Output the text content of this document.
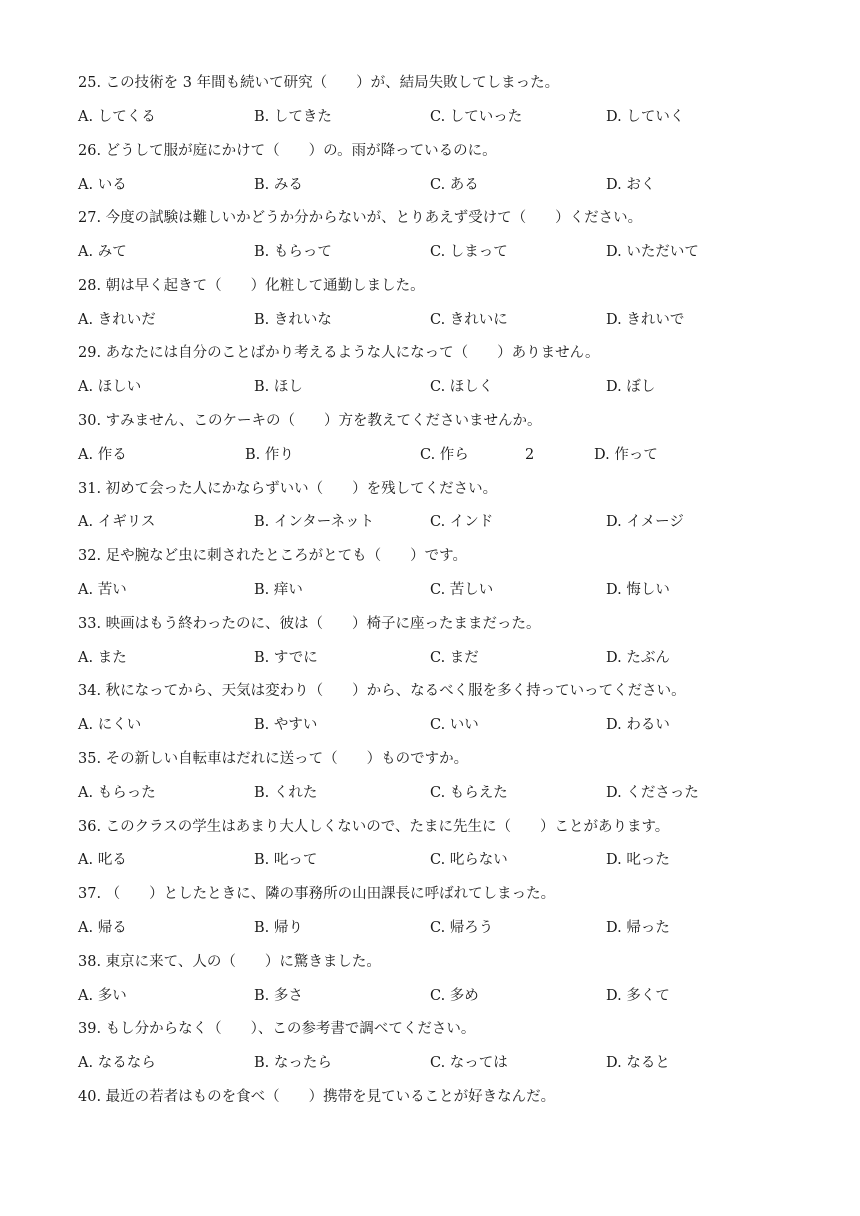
25. この技術を 3 年間も続いて研究（　　）が、結局失敗してしまった。
A. してくる	B. してきた	C. していった	D. していく
26. どうして服が庭にかけて（　　）の。雨が降っているのに。
A. いる	B. みる	C. ある	D. おく
27. 今度の試験は難しいかどうか分からないが、とりあえず受けて（　　）ください。
A. みて	B. もらって	C. しまって	D. いただいて
28. 朝は早く起きて（　　）化粧して通勤しました。
A. きれいだ	B. きれいな	C. きれいに	D. きれいで
29. あなたには自分のことばかり考えるような人になって（　　）ありません。
A. ほしい	B. ほし	C. ほしく	D. ぼし
30. すみません、このケーキの（　　）方を教えてくださいませんか。
A. 作る	B. 作り	C. 作ら	2	D. 作って
31. 初めて会った人にかならずいい（　　）を残してください。
A. イギリス	B. インターネット	C. インド	D. イメージ
32. 足や腕など虫に刺されたところがとても（　　）です。
A. 苦い	B. 痒い	C. 苦しい	D. 悔しい
33. 映画はもう終わったのに、彼は（　　）椅子に座ったままだった。
A. また	B. すでに	C. まだ	D. たぶん
34. 秋になってから、天気は変わり（　　）から、なるべく服を多く持っていってください。
A. にくい	B. やすい	C. いい	D. わるい
35. その新しい自転車はだれに送って（　　）ものですか。
A. もらった	B. くれた	C. もらえた	D. くださった
36. このクラスの学生はあまり大人しくないので、たまに先生に（　　）ことがあります。
A. 叱る	B. 叱って	C. 叱らない	D. 叱った
37. （　　）としたときに、隣の事務所の山田課長に呼ばれてしまった。
A. 帰る	B. 帰り	C. 帰ろう	D. 帰った
38. 東京に来て、人の（　　）に驚きました。
A. 多い	B. 多さ	C. 多め	D. 多くて
39. もし分からなく（　　）、この参考書で調べてください。
A. なるなら	B. なったら	C. なっては	D. なると
40. 最近の若者はものを食べ（　　）携帯を見ていることが好きなんだ。
